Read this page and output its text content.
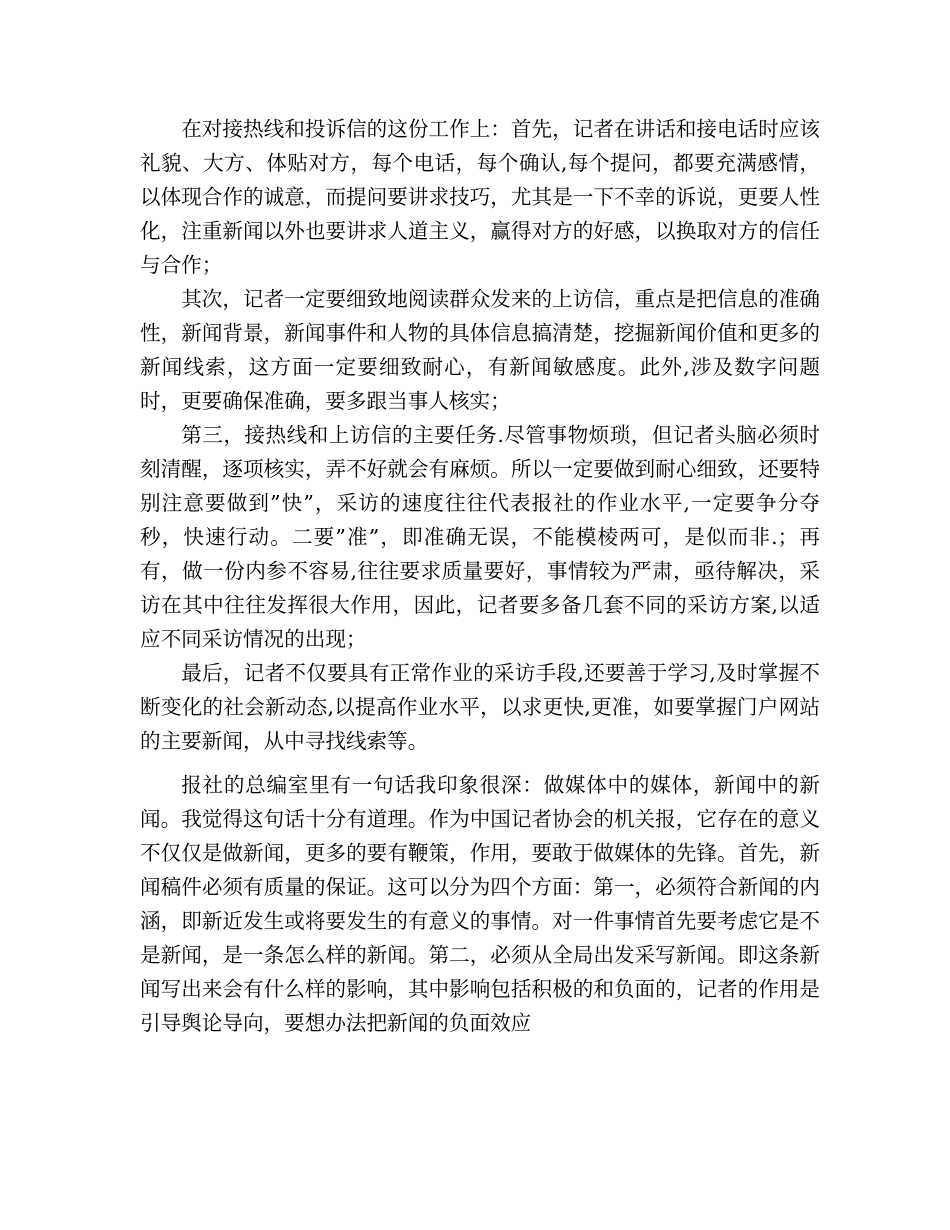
在对接热线和投诉信的这份工作上：首先，记者在讲话和接电话时应该礼貌、大方、体贴对方，每个电话，每个确认,每个提问，都要充满感情，以体现合作的诚意，而提问要讲求技巧，尤其是一下不幸的诉说，更要人性化，注重新闻以外也要讲求人道主义，赢得对方的好感，以换取对方的信任与合作；

其次，记者一定要细致地阅读群众发来的上访信，重点是把信息的准确性，新闻背景，新闻事件和人物的具体信息搞清楚，挖掘新闻价值和更多的新闻线索，这方面一定要细致耐心，有新闻敏感度。此外,涉及数字问题时，更要确保准确，要多跟当事人核实；

第三，接热线和上访信的主要任务.尽管事物烦琐，但记者头脑必须时刻清醒，逐项核实，弄不好就会有麻烦。所以一定要做到耐心细致，还要特别注意要做到”快”，采访的速度往往代表报社的作业水平,一定要争分夺秒，快速行动。二要”准”，即准确无误，不能模棱两可，是似而非.；再有，做一份内参不容易,往往要求质量要好，事情较为严肃，亟待解决，采访在其中往往发挥很大作用，因此，记者要多备几套不同的采访方案,以适应不同采访情况的出现；

最后，记者不仅要具有正常作业的采访手段,还要善于学习,及时掌握不断变化的社会新动态,以提高作业水平，以求更快,更准，如要掌握门户网站的主要新闻，从中寻找线索等。

报社的总编室里有一句话我印象很深：做媒体中的媒体，新闻中的新闻。我觉得这句话十分有道理。作为中国记者协会的机关报，它存在的意义不仅仅是做新闻，更多的要有鞭策，作用，要敢于做媒体的先锋。首先，新闻稿件必须有质量的保证。这可以分为四个方面：第一，必须符合新闻的内涵，即新近发生或将要发生的有意义的事情。对一件事情首先要考虑它是不是新闻，是一条怎么样的新闻。第二，必须从全局出发采写新闻。即这条新闻写出来会有什么样的影响，其中影响包括积极的和负面的，记者的作用是引导舆论导向，要想办法把新闻的负面效应
